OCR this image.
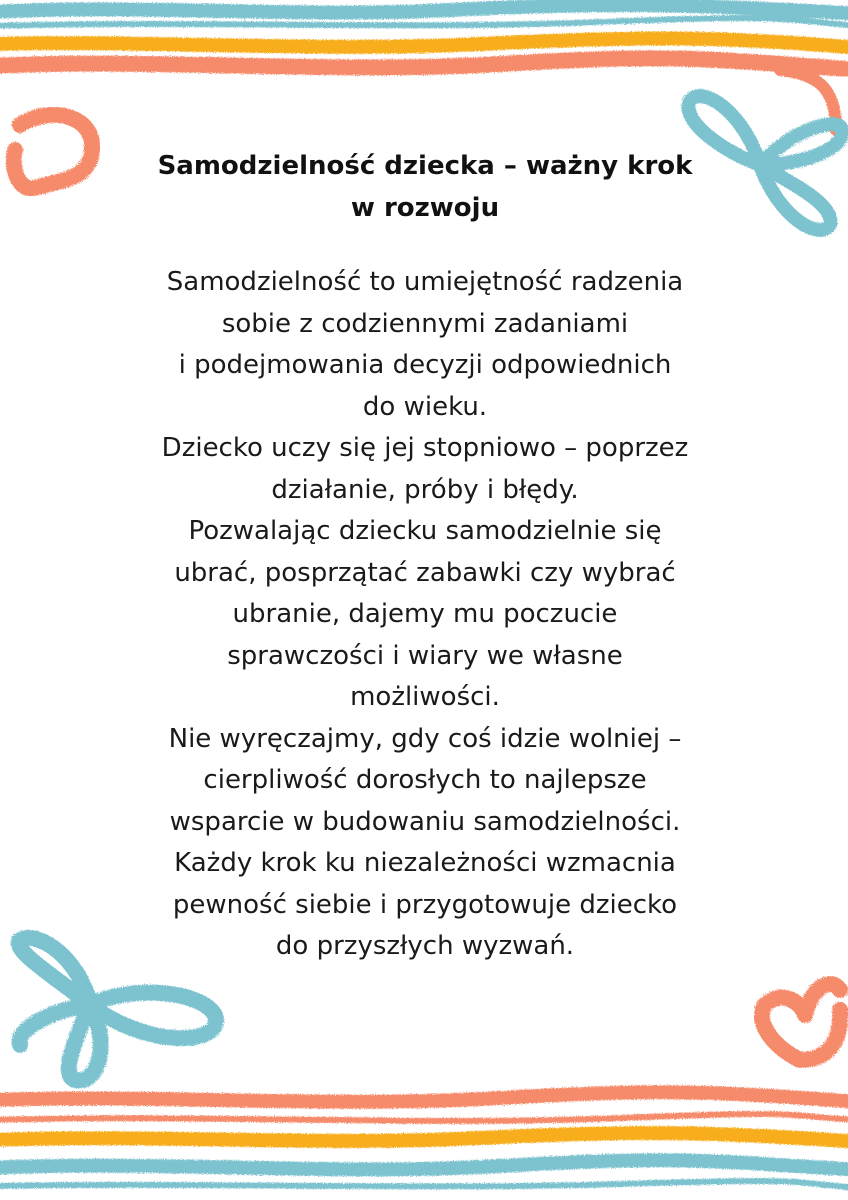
Samodzielność dziecka – ważny krok
w rozwoju
Samodzielność to umiejętność radzenia
sobie z codziennymi zadaniami
i podejmowania decyzji odpowiednich
do wieku.
Dziecko uczy się jej stopniowo – poprzez
działanie, próby i błędy.
Pozwalając dziecku samodzielnie się
ubrać, posprzątać zabawki czy wybrać
ubranie, dajemy mu poczucie
sprawczości i wiary we własne
możliwości.
Nie wyręczajmy, gdy coś idzie wolniej –
cierpliwość dorosłych to najlepsze
wsparcie w budowaniu samodzielności.
Każdy krok ku niezależności wzmacnia
pewność siebie i przygotowuje dziecko
do przyszłych wyzwań.
